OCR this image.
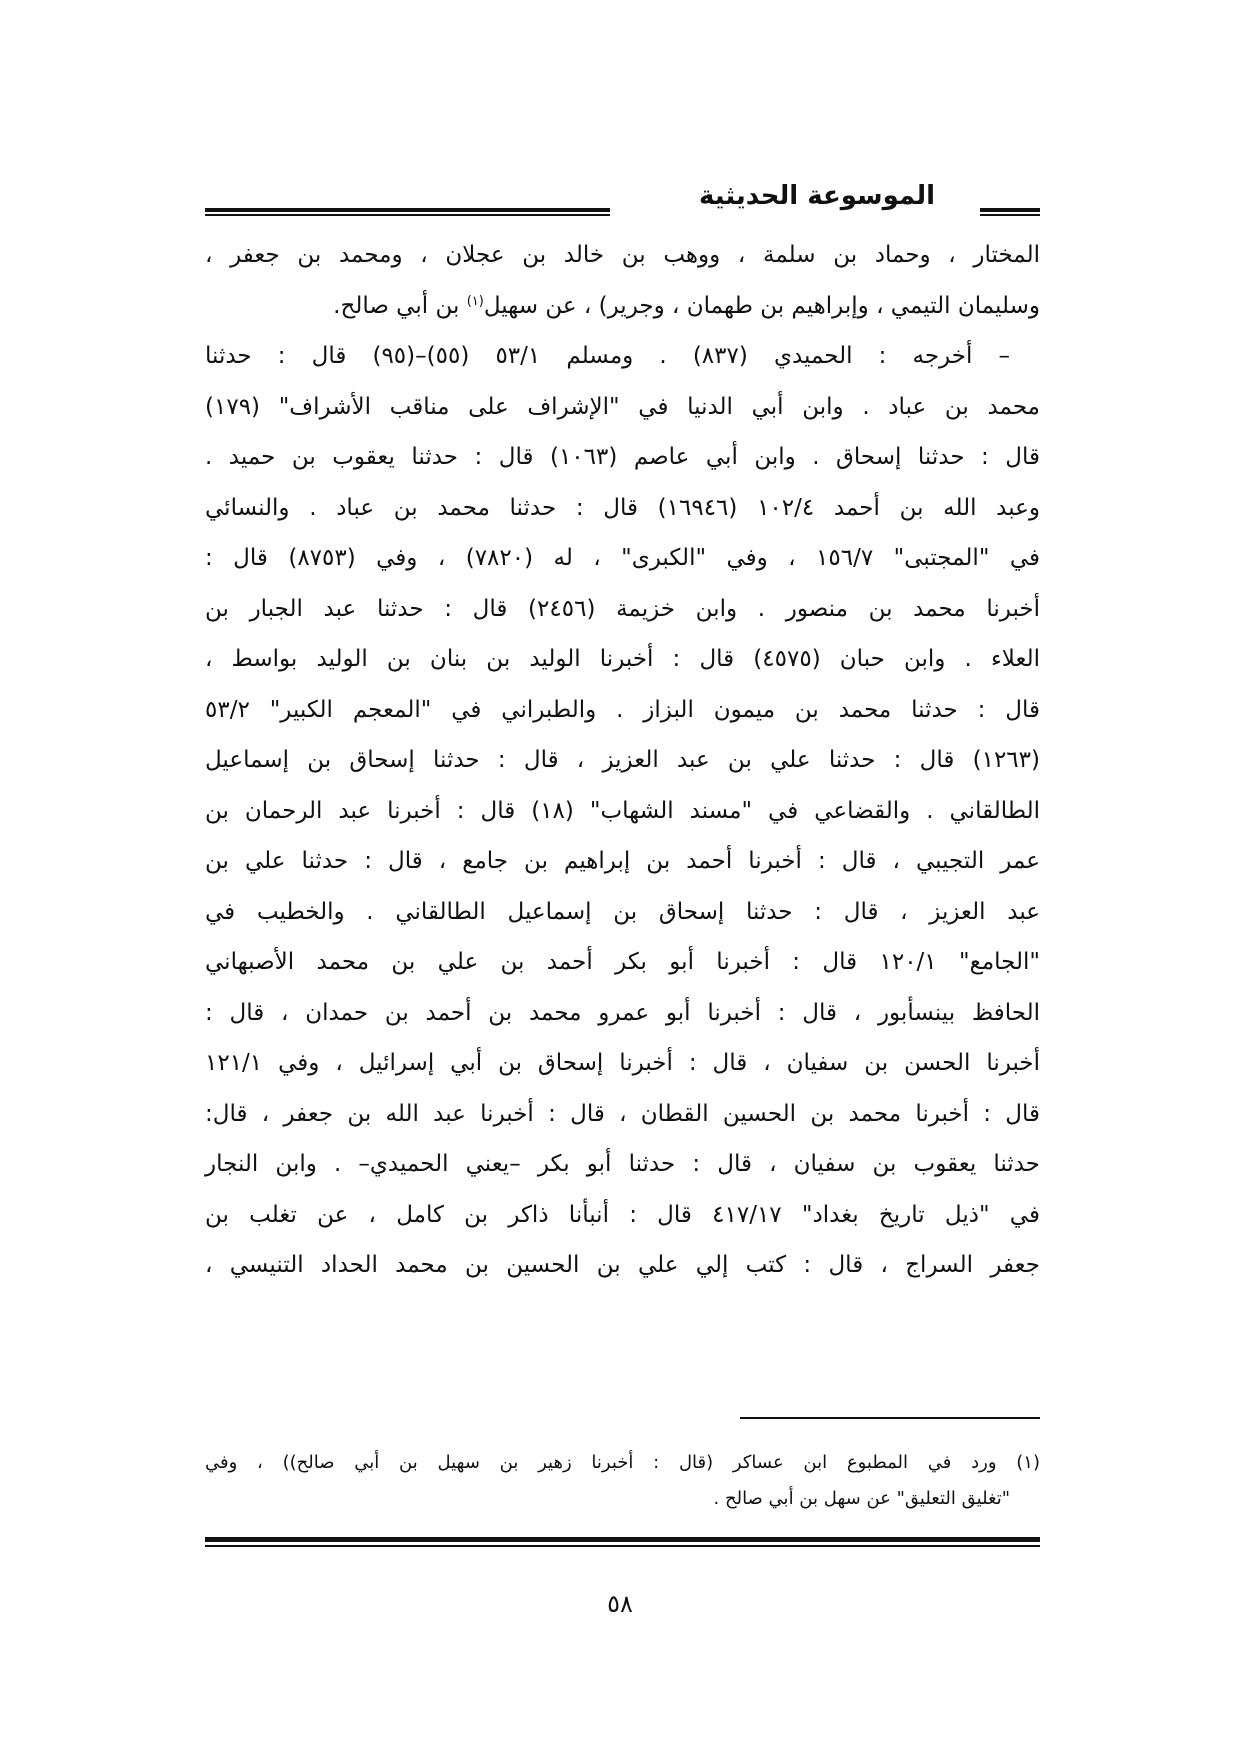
الموسوعة الحديثية
المختار ، وحماد بن سلمة ، ووهب بن خالد بن عجلان ، ومحمد بن جعفر ،
وسليمان التيمي ، وإبراهيم بن طهمان ، وجرير) ، عن سهيل$^{(١)}$ بن أبي صالح.
– أخرجه : الحميدي (٨٣٧) . ومسلم ٥٣/١ (٥٥)–(٩٥) قال : حدثنا
محمد بن عباد . وابن أبي الدنيا في "الإشراف على مناقب الأشراف" (١٧٩)
قال : حدثنا إسحاق . وابن أبي عاصم (١٠٦٣) قال : حدثنا يعقوب بن حميد .
وعبد الله بن أحمد ١٠٢/٤ (١٦٩٤٦) قال : حدثنا محمد بن عباد . والنسائي
في "المجتبى" ١٥٦/٧ ، وفي "الكبرى" ، له (٧٨٢٠) ، وفي (٨٧٥٣) قال :
أخبرنا محمد بن منصور . وابن خزيمة (٢٤٥٦) قال : حدثنا عبد الجبار بن
العلاء . وابن حبان (٤٥٧٥) قال : أخبرنا الوليد بن بنان بن الوليد بواسط ،
قال : حدثنا محمد بن ميمون البزاز . والطبراني في "المعجم الكبير" ٥٣/٢
(١٢٦٣) قال : حدثنا علي بن عبد العزيز ، قال : حدثنا إسحاق بن إسماعيل
الطالقاني . والقضاعي في "مسند الشهاب" (١٨) قال : أخبرنا عبد الرحمان بن
عمر التجيبي ، قال : أخبرنا أحمد بن إبراهيم بن جامع ، قال : حدثنا علي بن
عبد العزيز ، قال : حدثنا إسحاق بن إسماعيل الطالقاني . والخطيب في
"الجامع" ١٢٠/١ قال : أخبرنا أبو بكر أحمد بن علي بن محمد الأصبهاني
الحافظ بينسأبور ، قال : أخبرنا أبو عمرو محمد بن أحمد بن حمدان ، قال :
أخبرنا الحسن بن سفيان ، قال : أخبرنا إسحاق بن أبي إسرائيل ، وفي ١٢١/١
قال : أخبرنا محمد بن الحسين القطان ، قال : أخبرنا عبد الله بن جعفر ، قال:
حدثنا يعقوب بن سفيان ، قال : حدثنا أبو بكر –يعني الحميدي– . وابن النجار
في "ذيل تاريخ بغداد" ٤١٧/١٧ قال : أنبأنا ذاكر بن كامل ، عن تغلب بن
جعفر السراج ، قال : كتب إلي علي بن الحسين بن محمد الحداد التنيسي ،
(١) ورد في المطبوع ابن عساكر (قال : أخبرنا زهير بن سهيل بن أبي صالح)) ، وفي
"تغليق التعليق" عن سهل بن أبي صالح .
٥٨
